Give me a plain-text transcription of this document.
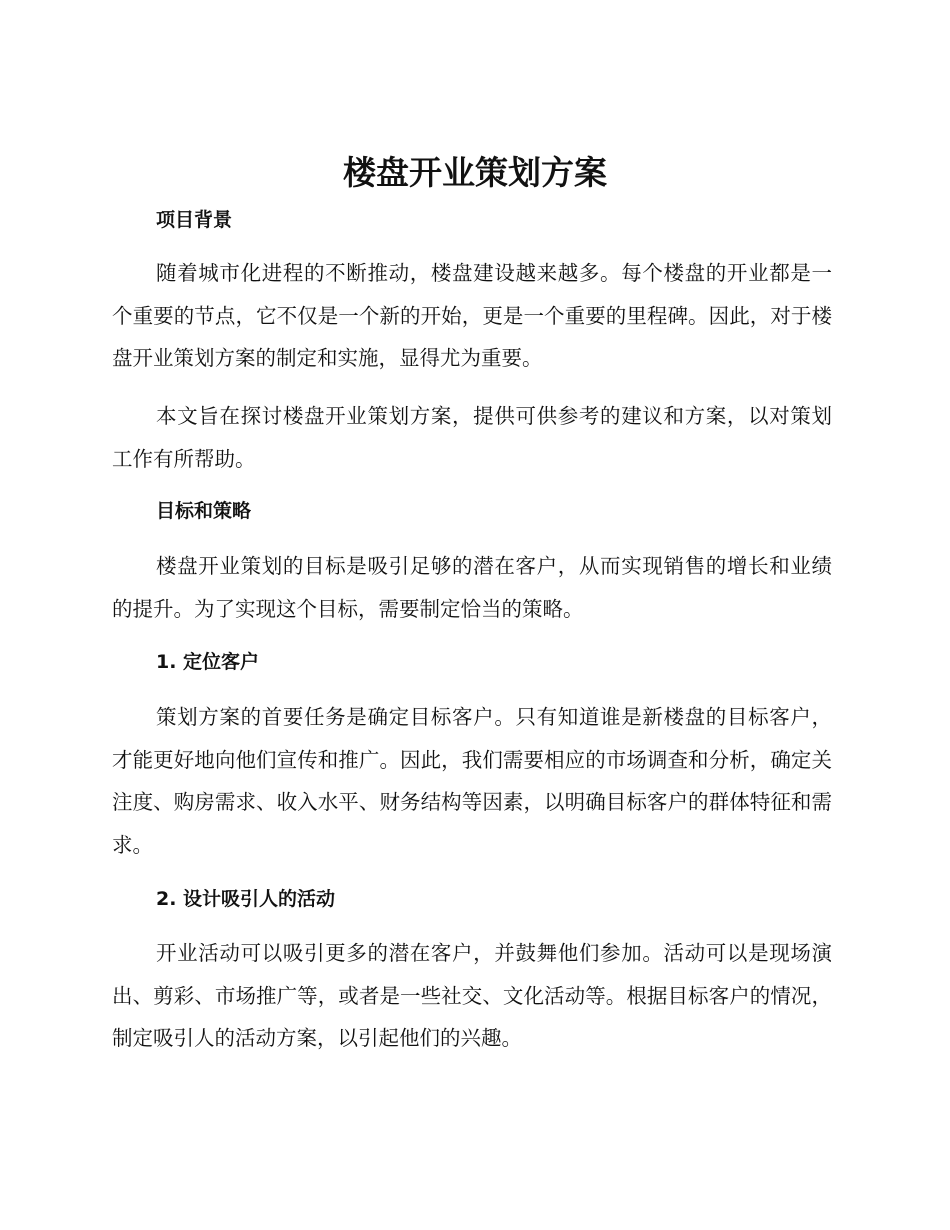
楼盘开业策划方案
项目背景

随着城市化进程的不断推动，楼盘建设越来越多。每个楼盘的开业都是一个重要的节点，它不仅是一个新的开始，更是一个重要的里程碑。因此，对于楼盘开业策划方案的制定和实施，显得尤为重要。

本文旨在探讨楼盘开业策划方案，提供可供参考的建议和方案，以对策划工作有所帮助。

目标和策略

楼盘开业策划的目标是吸引足够的潜在客户，从而实现销售的增长和业绩的提升。为了实现这个目标，需要制定恰当的策略。

1. 定位客户

策划方案的首要任务是确定目标客户。只有知道谁是新楼盘的目标客户，才能更好地向他们宣传和推广。因此，我们需要相应的市场调查和分析，确定关注度、购房需求、收入水平、财务结构等因素，以明确目标客户的群体特征和需求。

2. 设计吸引人的活动

开业活动可以吸引更多的潜在客户，并鼓舞他们参加。活动可以是现场演出、剪彩、市场推广等，或者是一些社交、文化活动等。根据目标客户的情况，制定吸引人的活动方案，以引起他们的兴趣。
